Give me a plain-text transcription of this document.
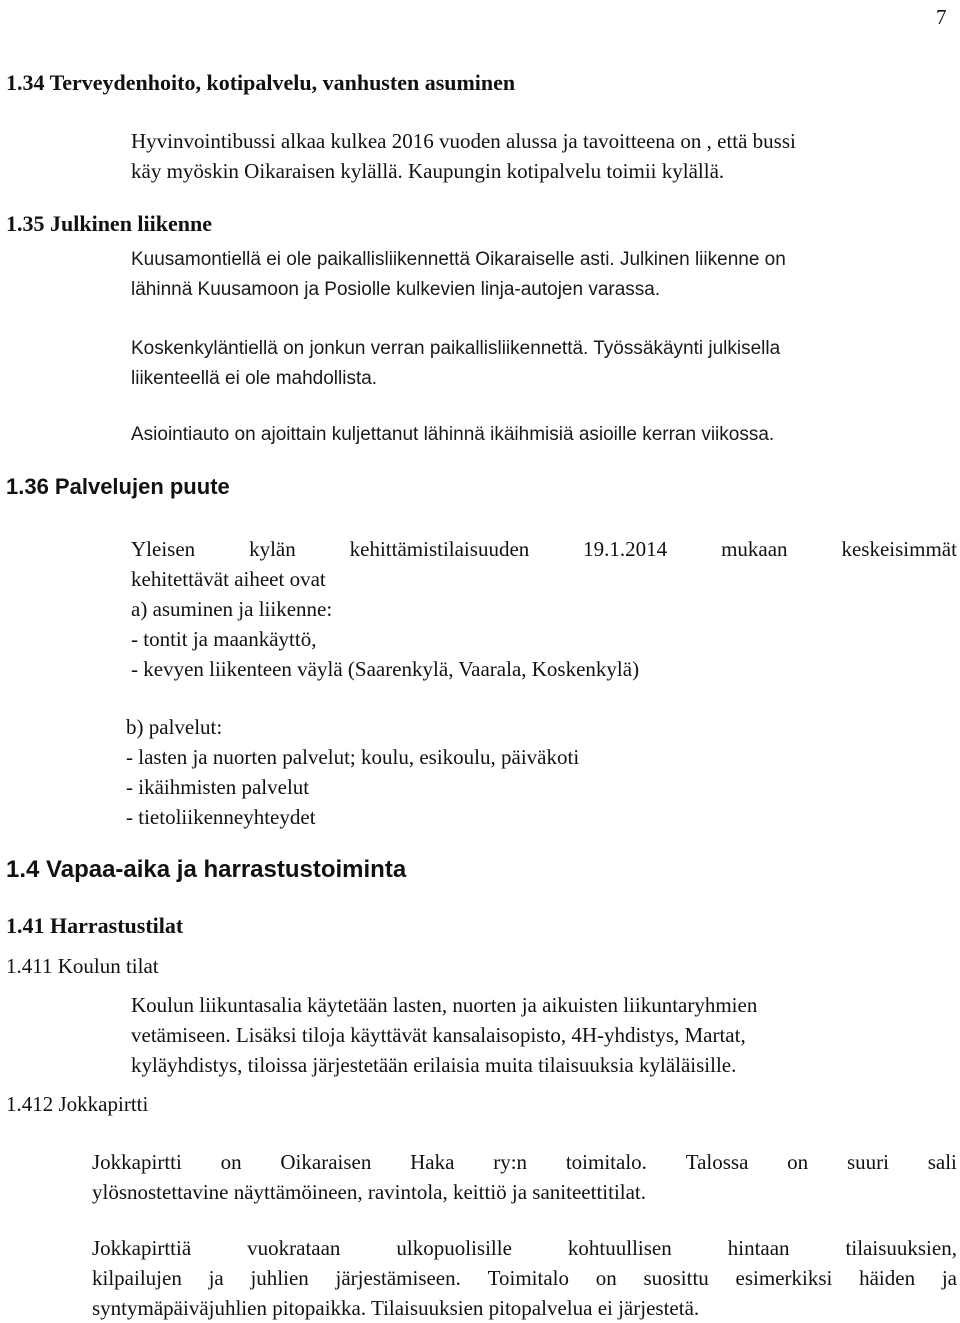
7
1.34 Terveydenhoito, kotipalvelu, vanhusten asuminen
Hyvinvointibussi alkaa kulkea 2016 vuoden alussa ja tavoitteena on , että bussi
käy myöskin Oikaraisen kylällä. Kaupungin kotipalvelu toimii kylällä.
1.35 Julkinen liikenne
Kuusamontiellä ei ole paikallisliikennettä Oikaraiselle asti. Julkinen liikenne on
lähinnä Kuusamoon ja Posiolle kulkevien linja-autojen varassa.
Koskenkyläntiellä on jonkun verran paikallisliikennettä. Työssäkäynti julkisella
liikenteellä ei ole mahdollista.
Asiointiauto on ajoittain kuljettanut lähinnä ikäihmisiä asioille kerran viikossa.
1.36 Palvelujen puute
Yleisen	kylän	kehittämistilaisuuden	19.1.2014	mukaan	keskeisimmät
kehitettävät aiheet ovat
a) asuminen ja liikenne:
- tontit ja maankäyttö,
- kevyen liikenteen väylä (Saarenkylä, Vaarala, Koskenkylä)
b) palvelut:
- lasten ja nuorten palvelut; koulu, esikoulu, päiväkoti
- ikäihmisten palvelut
- tietoliikenneyhteydet
1.4 Vapaa-aika ja harrastustoiminta
1.41 Harrastustilat
1.411 Koulun tilat
Koulun liikuntasalia käytetään lasten, nuorten ja aikuisten liikuntaryhmien
vetämiseen. Lisäksi tiloja käyttävät kansalaisopisto, 4H-yhdistys, Martat,
kyläyhdistys, tiloissa järjestetään erilaisia muita tilaisuuksia kyläläisille.
1.412 Jokkapirtti
Jokkapirtti on Oikaraisen Haka ry:n toimitalo. Talossa on suuri sali
ylösnostettavine näyttämöineen, ravintola, keittiö ja saniteettitilat.
Jokkapirttiä	vuokrataan	ulkopuolisille	kohtuullisen	hintaan	tilaisuuksien,
kilpailujen ja juhlien järjestämiseen. Toimitalo on suosittu esimerkiksi häiden ja
syntymäpäiväjuhlien pitopaikka. Tilaisuuksien pitopalvelua ei järjestetä.
